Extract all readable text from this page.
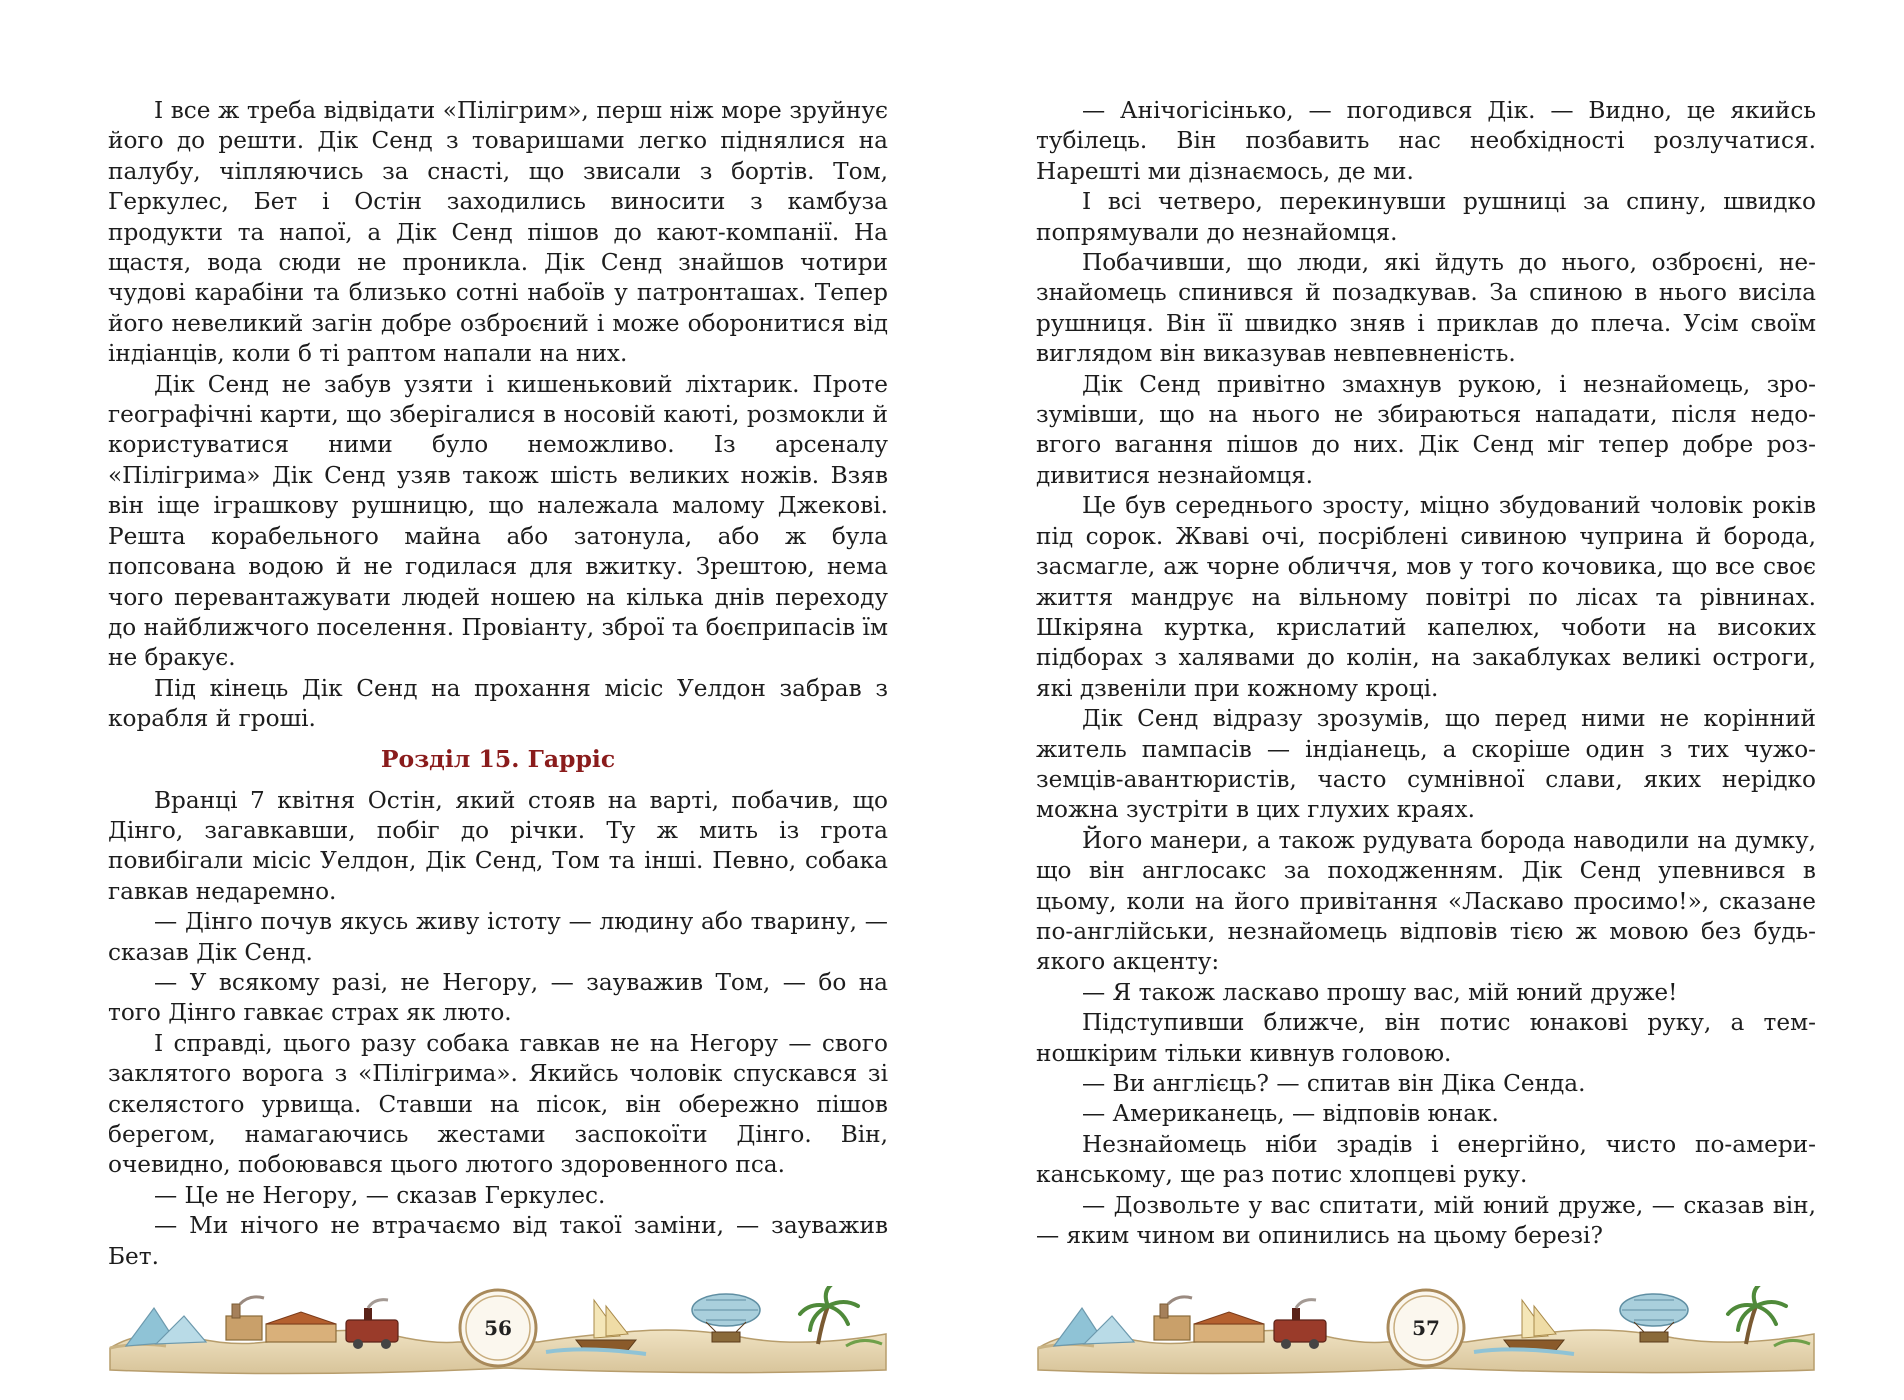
І все ж треба відвідати «Пілігрим», перш ніж море зруйнує його до решти. Дік Сенд з товаришами легко піднялися на палубу, чіпляючись за снасті, що звисали з бортів. Том, Геркулес, Бет і Остін заходились виносити з камбуза продукти та напої, а Дік Сенд пішов до кают-компанії. На щастя, вода сюди не проникла. Дік Сенд знайшов чотири чудові карабіни та близько сотні набоїв у патронташах. Тепер його невеликий загін добре озброєний і може оборонитися від індіанців, коли б ті раптом напали на них.

Дік Сенд не забув узяти і кишеньковий ліхтарик. Проте географічні карти, що зберігалися в носовій каюті, розмокли й користуватися ними було неможливо. Із арсеналу «Пілігрима» Дік Сенд узяв також шість великих ножів. Взяв він іще іграшкову рушницю, що належала малому Джекові. Решта корабельного майна або затонула, або ж була попсована водою й не годилася для вжитку. Зрештою, нема чого перевантажувати людей ношею на кілька днів переходу до найближчого поселення. Провіанту, зброї та боєприпасів їм не бракує.

Під кінець Дік Сенд на прохання місіс Уелдон забрав з корабля й гроші.

Розділ 15. Гарріс

Вранці 7 квітня Остін, який стояв на варті, побачив, що Дінго, загавкавши, побіг до річки. Ту ж мить із грота повибігали місіс Уелдон, Дік Сенд, Том та інші. Певно, собака гавкав недаремно.

— Дінго почув якусь живу істоту — людину або тварину, — сказав Дік Сенд.

— У всякому разі, не Негору, — зауважив Том, — бо на того Дінго гавкає страх як люто.

І справді, цього разу собака гавкав не на Негору — свого заклятого ворога з «Пілігрима». Якийсь чоловік спускався зі скелястого урвища. Ставши на пісок, він обережно пішов берегом, намагаючись жестами заспокоїти Дінго. Він, очевидно, побоювався цього лютого здоровенного пса.

— Це не Негору, — сказав Геркулес.

— Ми нічого не втрачаємо від такої заміни, — зауважив Бет.

56

— Анічогісінько, — погодився Дік. — Видно, це якийсь тубілець. Він позбавить нас необхідності розлучатися. Нарешті ми дізнаємось, де ми.

І всі четверо, перекинувши рушниці за спину, швидко попрямували до незнайомця.

Побачивши, що люди, які йдуть до нього, озброєні, незнайомець спинився й позадкував. За спиною в нього висіла рушниця. Він її швидко зняв і приклав до плеча. Усім своїм виглядом він виказував невпевненість.

Дік Сенд привітно змахнув рукою, і незнайомець, зрозумівши, що на нього не збираються нападати, після недовгого вагання пішов до них. Дік Сенд міг тепер добре роздивитися незнайомця.

Це був середнього зросту, міцно збудований чоловік років під сорок. Жваві очі, посріблені сивиною чуприна й борода, засмагле, аж чорне обличчя, мов у того кочовика, що все своє життя мандрує на вільному повітрі по лісах та рівнинах. Шкіряна куртка, крислатий капелюх, чоботи на високих підборах з халявами до колін, на закаблуках великі остроги, які дзвеніли при кожному кроці.

Дік Сенд відразу зрозумів, що перед ними не корінний житель пампасів — індіанець, а скоріше один з тих чужоземців-авантюристів, часто сумнівної слави, яких нерідко можна зустріти в цих глухих краях.

Його манери, а також рудувата борода наводили на думку, що він англосакс за походженням. Дік Сенд упевнився в цьому, коли на його привітання «Ласкаво просимо!», сказане по-англійськи, незнайомець відповів тією ж мовою без будь-якого акценту:

— Я також ласкаво прошу вас, мій юний друже!

Підступивши ближче, він потис юнакові руку, а темношкірим тільки кивнув головою.

— Ви англієць? — спитав він Діка Сенда.

— Американець, — відповів юнак.

Незнайомець ніби зрадів і енергійно, чисто по-американському, ще раз потис хлопцеві руку.

— Дозвольте у вас спитати, мій юний друже, — сказав він, — яким чином ви опинились на цьому березі?

57
